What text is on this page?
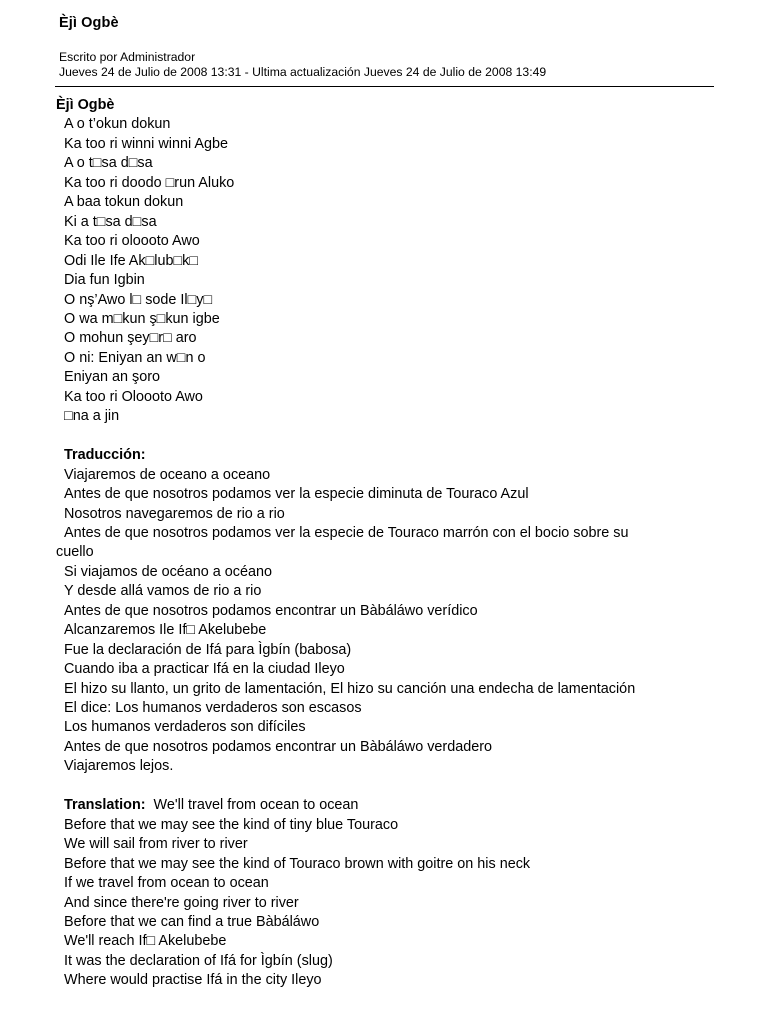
Èjì Ogbè
Escrito por Administrador
Jueves 24 de Julio de 2008 13:31 - Ultima actualización Jueves 24 de Julio de 2008 13:49
Èjì Ogbè
A o t’okun dokun
Ka too ri winni winni Agbe
A o t□sa d□sa
Ka too ri doodo □run Aluko
A baa tokun dokun
Ki a t□sa d□sa
Ka too ri oloooto Awo
Odi Ile Ife Ak□lub□k□
Dia fun Igbin
O nş’Awo l□ sode Il□y□
O wa m□kun ş□kun igbe
O mohun şey□r□ aro
O ni: Eniyan an w□n o
Eniyan an şoro
Ka too ri Oloooto Awo
□na a jin
Traducción:
Viajaremos de oceano a oceano
Antes de que nosotros podamos ver la especie diminuta de Touraco Azul
Nosotros navegaremos de rio a rio
Antes de que nosotros podamos ver la especie de Touraco marrón con el bocio sobre su
cuello
Si viajamos de océano a océano
Y desde allá vamos de rio a rio
Antes de que nosotros podamos encontrar un Bàbáláwo verídico
Alcanzaremos Ile If□ Akelubebe
Fue la declaración de Ifá para Ìgbín (babosa)
Cuando iba a practicar Ifá en la ciudad Ileyo
El hizo su llanto, un grito de lamentación, El hizo su canción una endecha de lamentación
El dice: Los humanos verdaderos son escasos
Los humanos verdaderos son difíciles
Antes de que nosotros podamos encontrar un Bàbáláwo verdadero
Viajaremos lejos.
Translation:  We'll travel from ocean to ocean
Before that we may see the kind of tiny blue Touraco
We will sail from river to river
Before that we may see the kind of Touraco brown with goitre on his neck
If we travel from ocean to ocean
And since there're going river to river
Before that we can find a true Bàbáláwo
We'll reach If□ Akelubebe
It was the declaration of Ifá for Ìgbín (slug)
Where would practise Ifá in the city Ileyo
